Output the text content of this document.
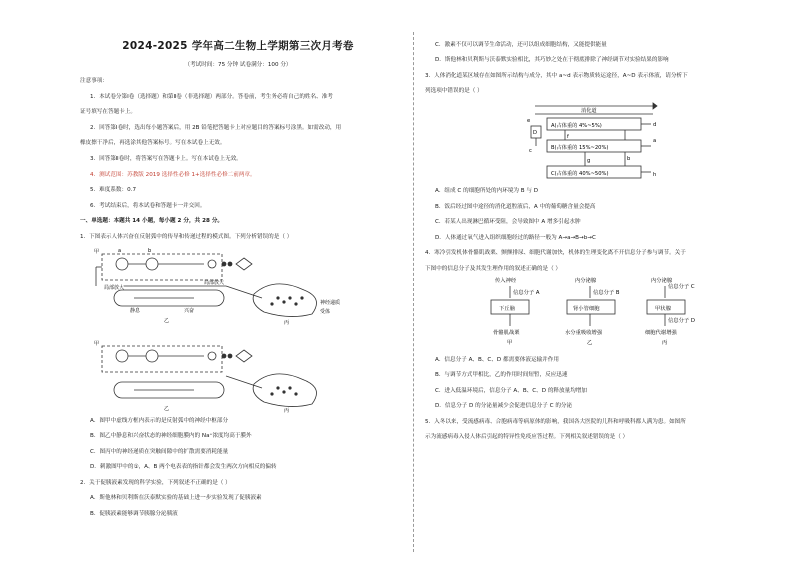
2024-2025 学年高二生物上学期第三次月考卷
（考试时间：75 分钟 试卷满分：100 分）
注意事项：
1．本试卷分第Ⅰ卷（选择题）和第Ⅱ卷（非选择题）两部分。答卷前，考生务必将自己的姓名、准考
证号填写在答题卡上。
2．回答第Ⅰ卷时，选出每小题答案后，用 2B 铅笔把答题卡上对应题目的答案标号涂黑。如需改动，用
橡皮擦干净后，再选涂其他答案标号。写在本试卷上无效。
3．回答第Ⅱ卷时，将答案写在答题卡上。写在本试卷上无效。
4．测试范围：苏教版 2019 选择性必修 1+选择性必修二前两章。
5．难度系数：0.7
6．考试结束后，将本试卷和答题卡一并交回。
一、单选题：本题共 14 小题，每小题 2 分，共 28 分。
1．下图表示人体兴奋在反射弧中的传导和传递过程的模式图。下列分析错误的是（ ）
甲	a	b
局部放大
局部放大
静息	兴奋
乙	丙
神经递质
受体
甲
乙	丙
A．图甲中虚线方框内表示的是反射弧中的神经中枢部分
B．图乙中静息和兴奋状态的神经细胞膜内的 Na⁺浓度均高于膜外
C．图丙中的神经递质在突触间隙中的扩散需要消耗能量
D．刺激图甲中的①，A、B 两个电表表的指针都会发生两次方向相反的偏转
2．关于促胰液素发现的科学实验，下列叙述不正确的是（ ）
A．斯他林和贝利斯在沃泰默实验的基础上进一步实验发现了促胰液素
B．促胰液素能够调节胰腺分泌胰液
C．激素不仅可以调节生命活动，还可以组成细胞结构，又能提供能量
D．斯他林和贝利斯与沃泰默实验相比，其巧妙之处在于彻底排除了神经调节对实验结果的影响
3．人体消化道某区域存在如图所示结构与成分，其中 a~d 表示物质转运途径，A~D 表示体液，请分析下
列选项中错误的是（ ）
消化道
A(占体重的 4%~5%)
B(占体重的 15%~20%)
C(占体重的 40%~50%)
D
a
b
c
d
e
f
g
h
A．组成 C 的细胞所处的内环境为 B 与 D
B．饭后经过图中途径的消化道腔液后，A 中的葡萄糖含量会提高
C．若某人出现淋巴循环受阻，会导致图中 A 增多引起水肿
D．人体通过氧气进入组织细胞经过的路径一般为 A→a→B→b→C
4．寒冷引发机体骨骼肌战栗、颤颤排尿、细胞代谢加快，机体的生理变化离不开信息分子参与调节。关于
下图中的信息分子及其发生理作用的叙述正确的是（ ）
传入神经
信息分子 A
内分泌腺
信息分子 B
内分泌腺
信息分子 C
下丘脑	肾小管细胞	甲状腺
信息分子 D
骨骼肌战栗	水分重吸收增强	细胞代谢增强
甲	乙	丙
A．信息分子 A、B、C、D 都需要体液运输并作用
B．与调节方式甲相比，乙的作用时间短暂，反应迅速
C．进入低温环境后，信息分子 A、B、C、D 的释放量均增加
D．信息分子 D 的分泌量减少会促进信息分子 C 的分泌
5．入冬以来，受流感病毒、合胞病毒等病原体的影响，我国各大医院的儿科和呼吸科都人满为患。如图所
示为流感病毒入侵人体后引起的特异性免疫应答过程。下列相关叙述错误的是（ ）
